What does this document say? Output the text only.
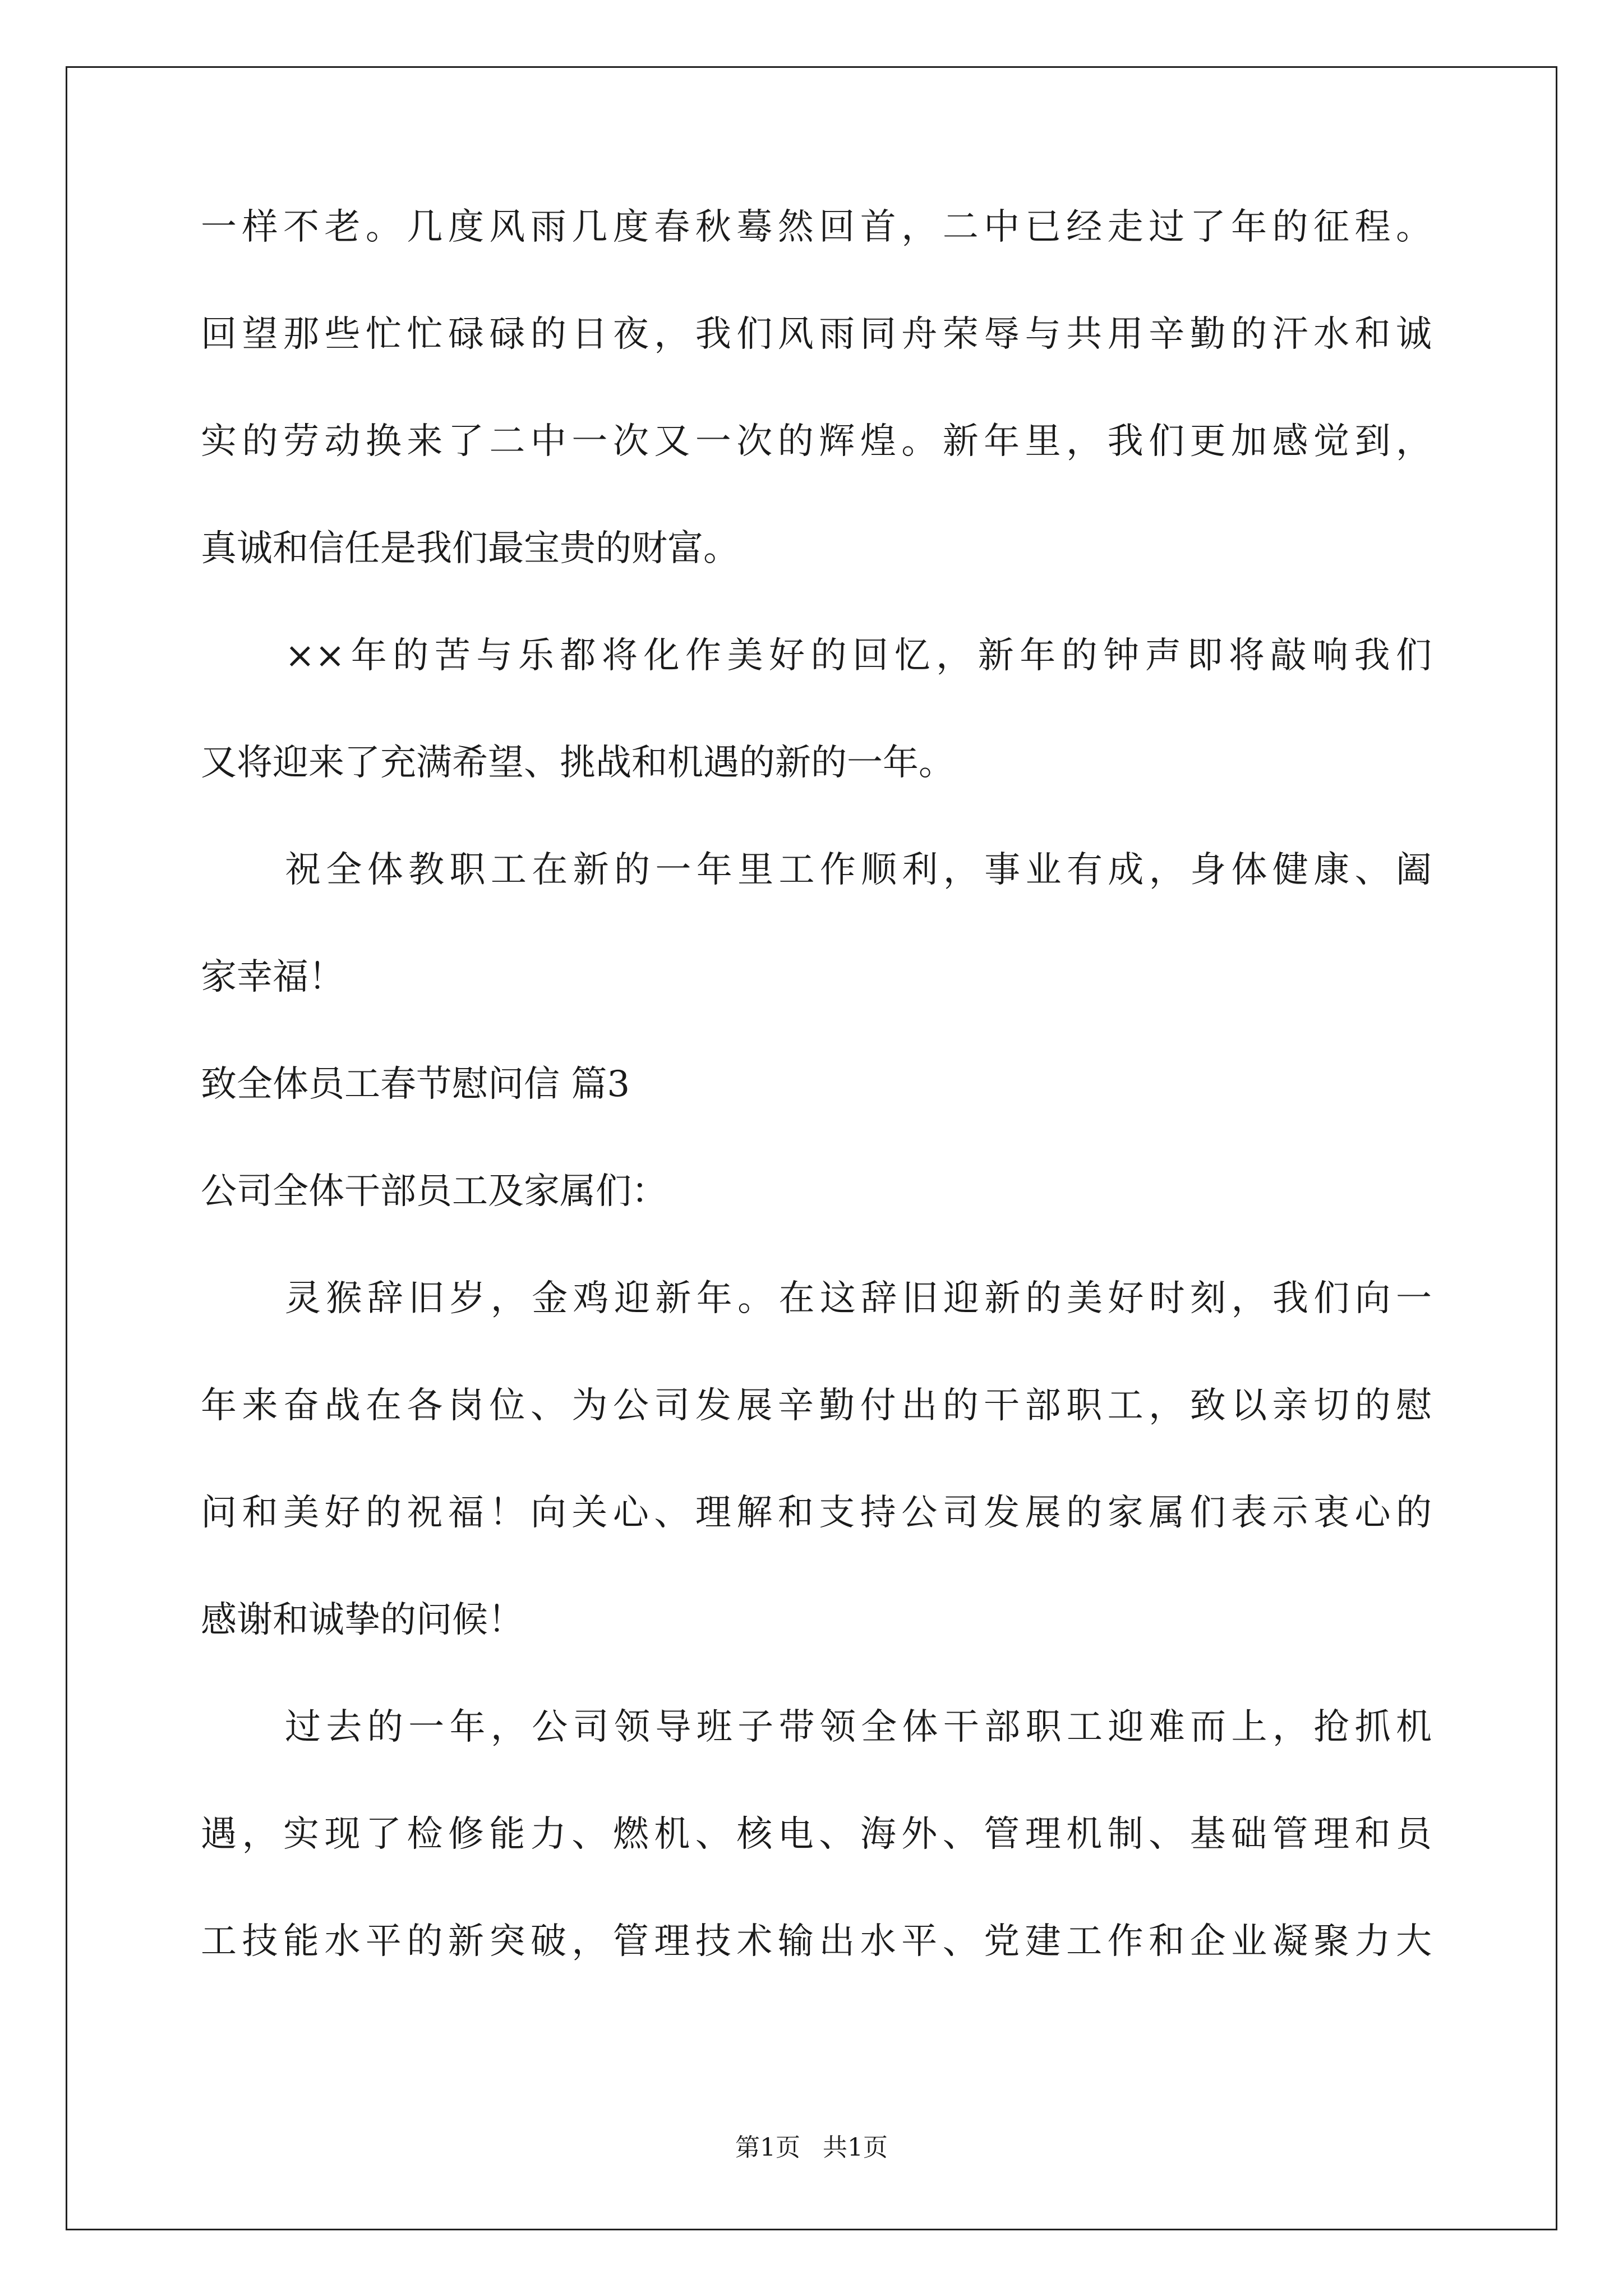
一样不老。几度风雨几度春秋蓦然回首，二中已经走过了年的征程。
回望那些忙忙碌碌的日夜，我们风雨同舟荣辱与共用辛勤的汗水和诚
实的劳动换来了二中一次又一次的辉煌。新年里，我们更加感觉到，
真诚和信任是我们最宝贵的财富。
××年的苦与乐都将化作美好的回忆，新年的钟声即将敲响我们
又将迎来了充满希望、挑战和机遇的新的一年。
祝全体教职工在新的一年里工作顺利，事业有成，身体健康、阖
家幸福！
致全体员工春节慰问信 篇3
公司全体干部员工及家属们：
灵猴辞旧岁，金鸡迎新年。在这辞旧迎新的美好时刻，我们向一
年来奋战在各岗位、为公司发展辛勤付出的干部职工，致以亲切的慰
问和美好的祝福！向关心、理解和支持公司发展的家属们表示衷心的
感谢和诚挚的问候！
过去的一年，公司领导班子带领全体干部职工迎难而上，抢抓机
遇，实现了检修能力、燃机、核电、海外、管理机制、基础管理和员
工技能水平的新突破，管理技术输出水平、党建工作和企业凝聚力大
第1页 共1页
